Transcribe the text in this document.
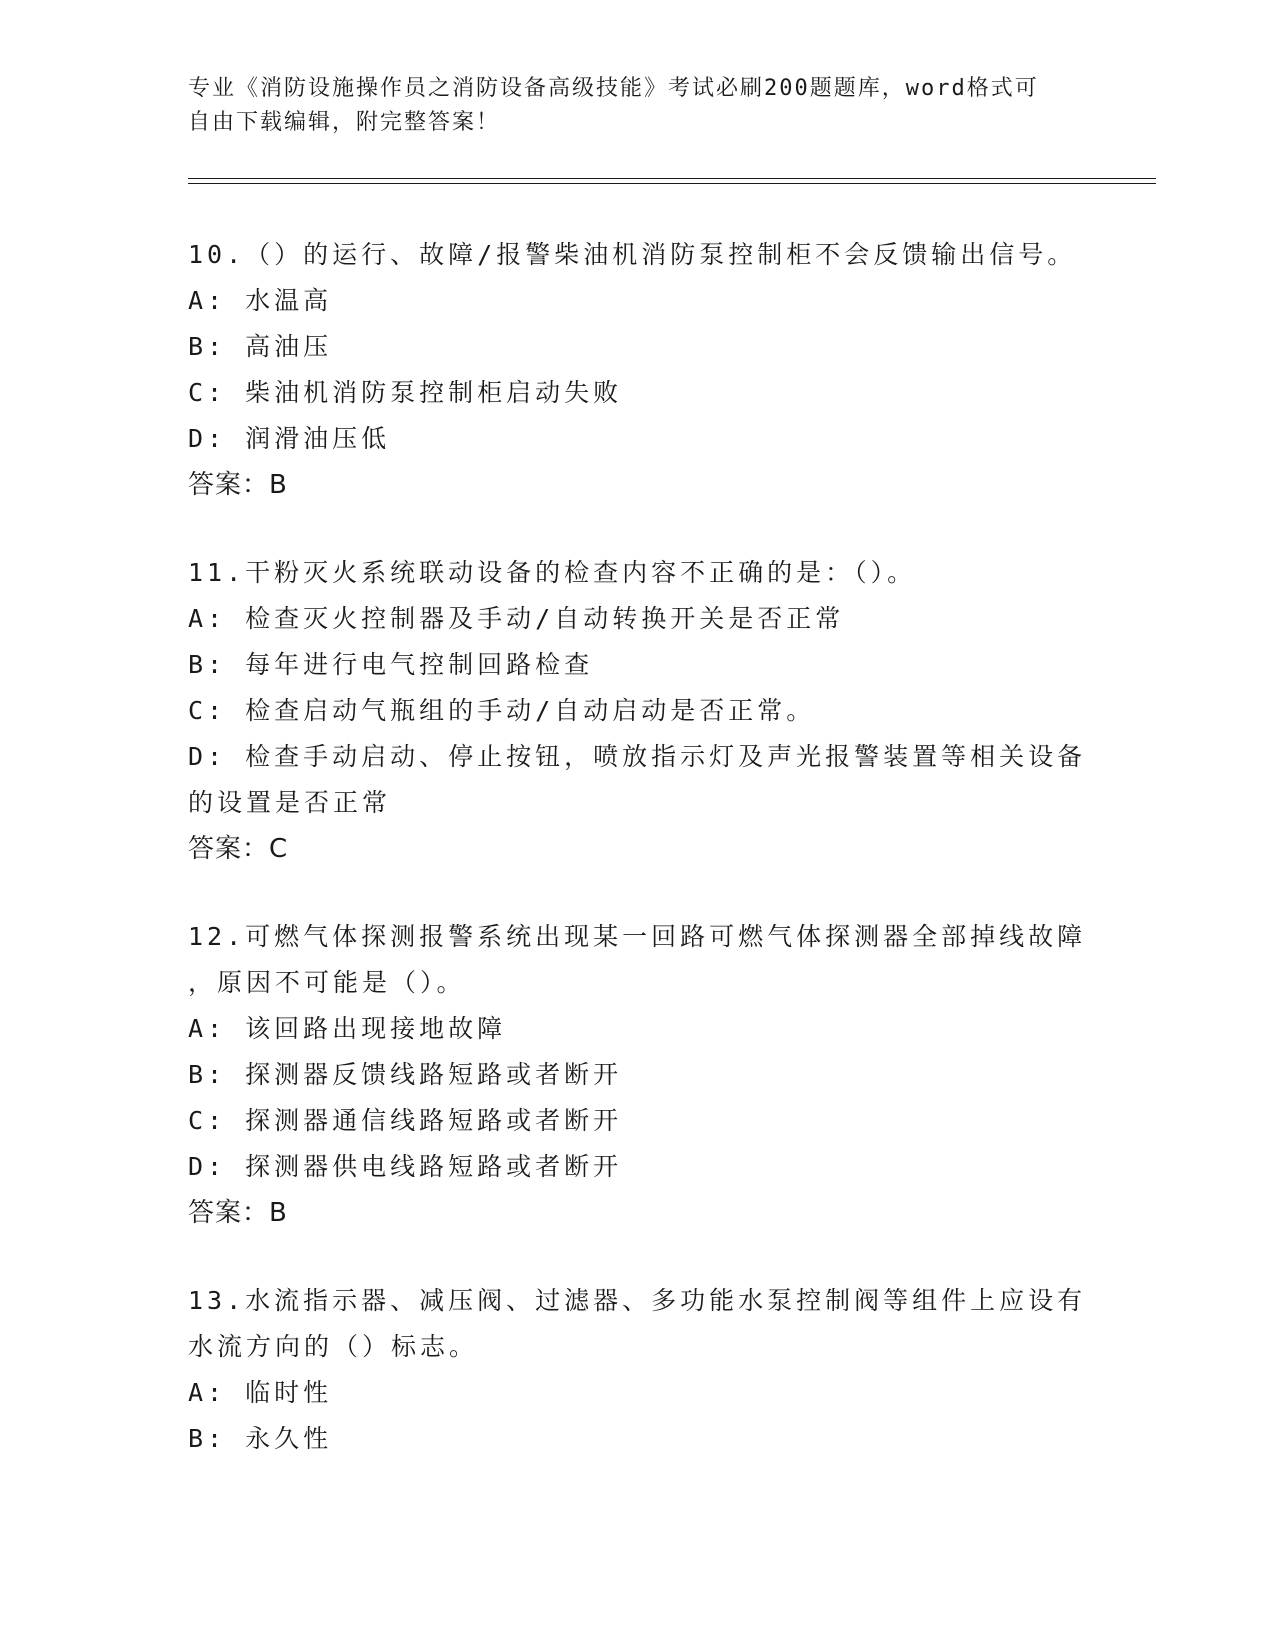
专业《消防设施操作员之消防设备高级技能》考试必刷200题题库，word格式可
自由下载编辑，附完整答案！
10.（）的运行、故障/报警柴油机消防泵控制柜不会反馈输出信号。
A: 水温高
B: 高油压
C: 柴油机消防泵控制柜启动失败
D: 润滑油压低
答案：B
11.干粉灭火系统联动设备的检查内容不正确的是：（）。
A: 检查灭火控制器及手动/自动转换开关是否正常
B: 每年进行电气控制回路检查
C: 检查启动气瓶组的手动/自动启动是否正常。
D: 检查手动启动、停止按钮，喷放指示灯及声光报警装置等相关设备
的设置是否正常
答案：C
12.可燃气体探测报警系统出现某一回路可燃气体探测器全部掉线故障
，原因不可能是（）。
A: 该回路出现接地故障
B: 探测器反馈线路短路或者断开
C: 探测器通信线路短路或者断开
D: 探测器供电线路短路或者断开
答案：B
13.水流指示器、减压阀、过滤器、多功能水泵控制阀等组件上应设有
水流方向的（）标志。
A: 临时性
B: 永久性
